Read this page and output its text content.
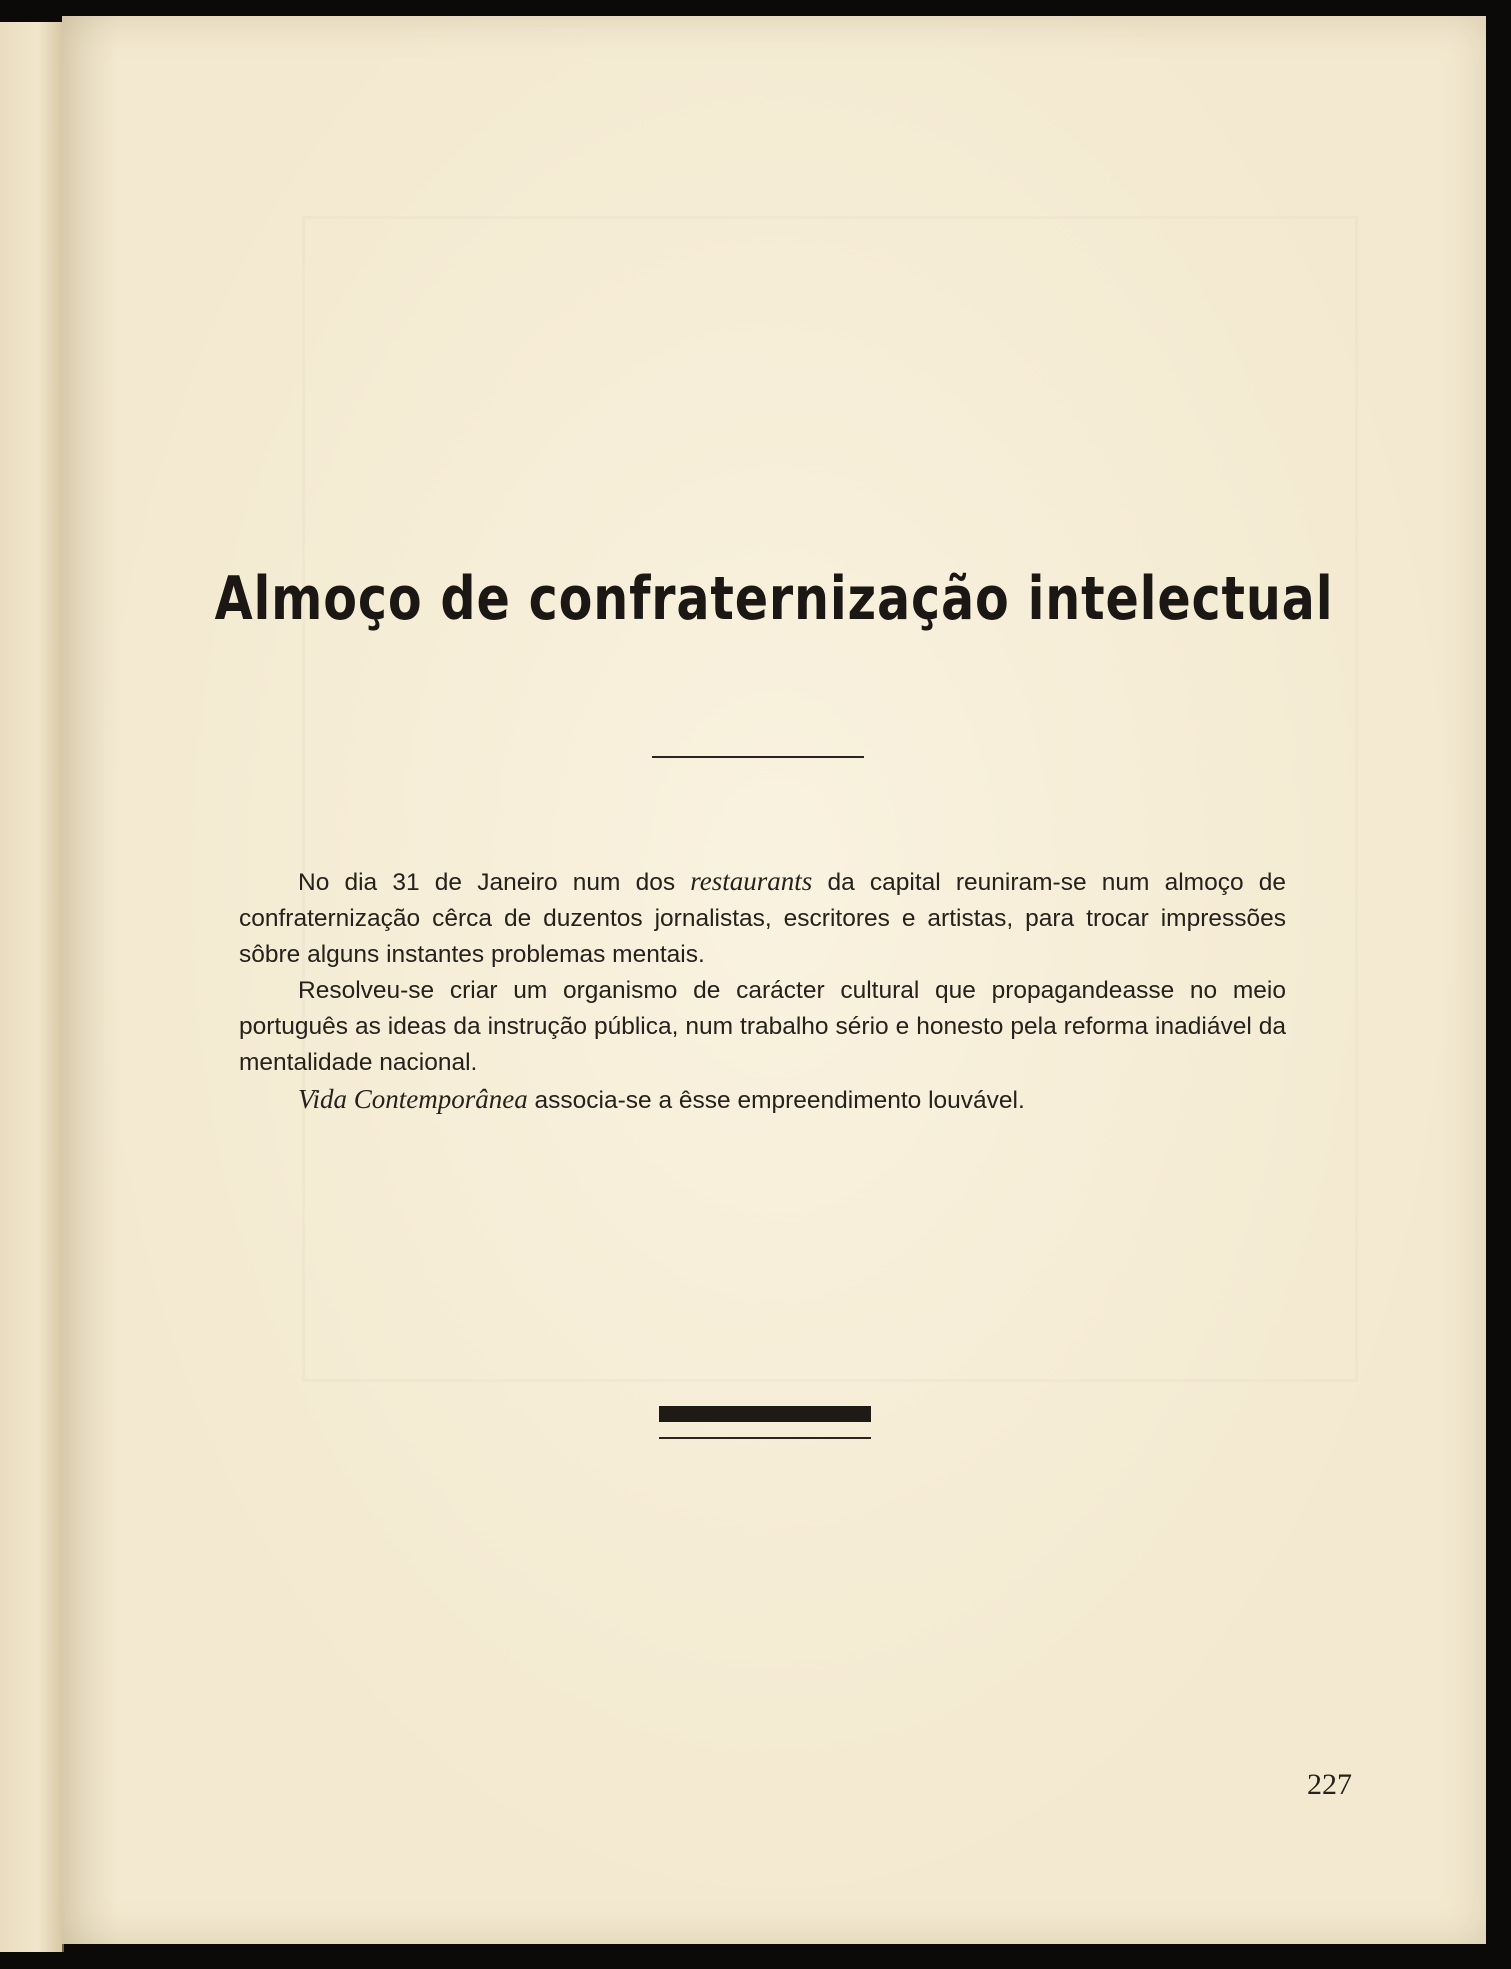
Almoço de confraternização intelectual

No dia 31 de Janeiro num dos restaurants da capital reuniram-se num almoço de confraternização cêrca de duzentos jornalistas, escritores e artistas, para trocar impressões sôbre alguns instantes problemas mentais.

Resolveu-se criar um organismo de carácter cultural que propagandeasse no meio português as ideas da instrução pública, num trabalho sério e honesto pela reforma inadiável da mentalidade nacional.

Vida Contemporânea associa-se a êsse empreendimento louvável.

227
